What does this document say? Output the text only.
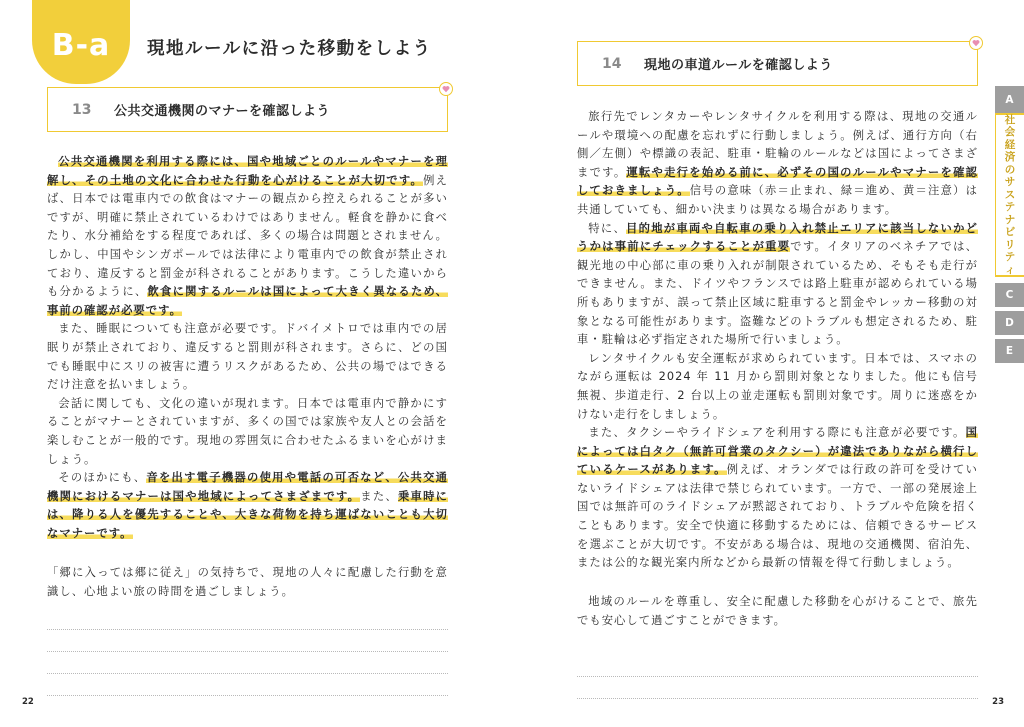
B-a 現地ルールに沿った移動をしよう
13	公共交通機関のマナーを確認しよう

公共交通機関を利用する際には、国や地域ごとのルールやマナーを理解し、その土地の文化に合わせた行動を心がけることが大切です。例えば、日本では電車内での飲食はマナーの観点から控えられることが多いですが、明確に禁止されているわけではありません。軽食を静かに食べたり、水分補給をする程度であれば、多くの場合は問題とされません。しかし、中国やシンガポールでは法律により電車内での飲食が禁止されており、違反すると罰金が科されることがあります。こうした違いからも分かるように、飲食に関するルールは国によって大きく異なるため、事前の確認が必要です。

また、睡眠についても注意が必要です。ドバイメトロでは車内での居眠りが禁止されており、違反すると罰則が科されます。さらに、どの国でも睡眠中にスリの被害に遭うリスクがあるため、公共の場ではできるだけ注意を払いましょう。

会話に関しても、文化の違いが現れます。日本では電車内で静かにすることがマナーとされていますが、多くの国では家族や友人との会話を楽しむことが一般的です。現地の雰囲気に合わせたふるまいを心がけましょう。

そのほかにも、音を出す電子機器の使用や電話の可否など、公共交通機関におけるマナーは国や地域によってさまざまです。また、乗車時には、降りる人を優先することや、大きな荷物を持ち運ばないことも大切なマナーです。

「郷に入っては郷に従え」の気持ちで、現地の人々に配慮した行動を意識し、心地よい旅の時間を過ごしましょう。

22
14	現地の車道ルールを確認しよう

旅行先でレンタカーやレンタサイクルを利用する際は、現地の交通ルールや環境への配慮を忘れずに行動しましょう。例えば、通行方向（右側／左側）や標識の表記、駐車・駐輪のルールなどは国によってさまざまです。運転や走行を始める前に、必ずその国のルールやマナーを確認しておきましょう。信号の意味（赤＝止まれ、緑＝進め、黄＝注意）は共通していても、細かい決まりは異なる場合があります。

特に、目的地が車両や自転車の乗り入れ禁止エリアに該当しないかどうかは事前にチェックすることが重要です。イタリアのベネチアでは、観光地の中心部に車の乗り入れが制限されているため、そもそも走行ができません。また、ドイツやフランスでは路上駐車が認められている場所もありますが、誤って禁止区域に駐車すると罰金やレッカー移動の対象となる可能性があります。盗難などのトラブルも想定されるため、駐車・駐輪は必ず指定された場所で行いましょう。

レンタサイクルも安全運転が求められています。日本では、スマホのながら運転は 2024 年 11 月から罰則対象となりました。他にも信号無視、歩道走行、2 台以上の並走運転も罰則対象です。周りに迷惑をかけない走行をしましょう。

また、タクシーやライドシェアを利用する際にも注意が必要です。国によっては白タク（無許可営業のタクシー）が違法でありながら横行しているケースがあります。例えば、オランダでは行政の許可を受けていないライドシェアは法律で禁じられています。一方で、一部の発展途上国では無許可のライドシェアが黙認されており、トラブルや危険を招くこともあります。安全で快適に移動するためには、信頼できるサービスを選ぶことが大切です。不安がある場合は、現地の交通機関、宿泊先、または公的な観光案内所などから最新の情報を得て行動しましょう。

地域のルールを尊重し、安全に配慮した移動を心がけることで、旅先でも安心して過ごすことができます。

23
A
社
会
経
済
の
サ
ス
テ
ナ
ビ
リ
テ
ィ
C
D
E
